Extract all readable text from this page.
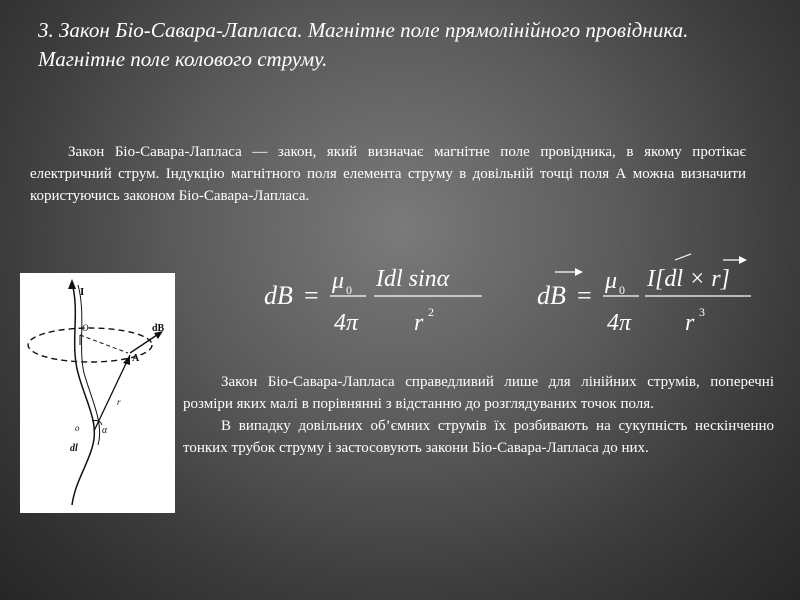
3. Закон Біо-Савара-Лапласа. Магнітне поле прямолінійного провідника. Магнітне поле колового струму.

Закон Біо-Савара-Лапласа — закон, який визначає магнітне поле провідника, в якому протікає електричний струм. Індукцію магнітного поля елемента струму в довільній точці поля А можна визначити користуючись законом Біо-Савара-Лапласа.

I
dB
A
r
O
o α
dl
dB = μ 0
4π
Idl sinα
r 2
dB = μ 0
4π
I[dl × r]
r 3

Закон Біо-Савара-Лапласа справедливий лише для лінійних струмів, поперечні розміри яких малі в порівнянні з відстанню до розглядуваних точок поля.

В випадку довільних об’ємних струмів їх розбивають на сукупність нескінченно тонких трубок струму і застосовують закони Біо-Савара-Лапласа до них.
